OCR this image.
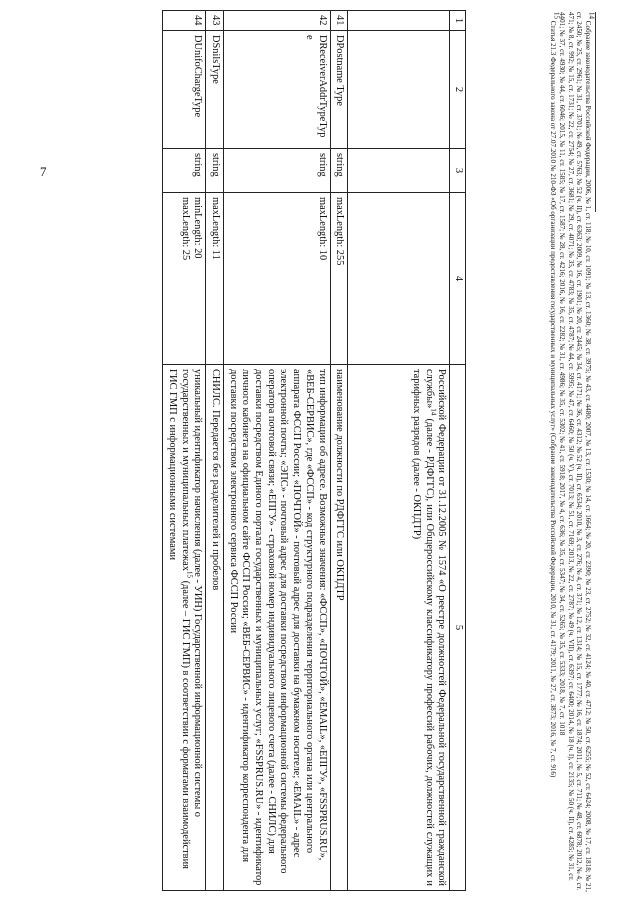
7
1	2	3	4	5
				Российской Федерации от 31.12.2005 № 1574 «О реестре должностей Федеральной государственной гражданской службы»$^{14}$ (далее - РДФГГС), или Общероссийскому классификатору профессий рабочих, должностей служащих и тарифных разрядов (далее - ОКПДТР)
41	DPostname Type	string	maxLength: 255	наименование должности по РДФГГС или ОКПДТР
42	DReceiverAddrTypeTyp e	string	maxLength: 10	тип информации об адресе. Возможные значения: «ФССП», «ПОЧТОЙ», «EMAIL», «ЕПГУ», «FSSPRUS.RU», «ВЕБ-СЕРВИС», где «ФССП» - код структурного подразделения территориального органа или центрального аппарата ФССП России; «ПОЧТОЙ» - почтовый адрес для доставки на бумажном носителе; «EMAIL» - адрес электронной почты; «ЭПС» - почтовый адрес для доставки посредством информационной системы федерального оператора почтовой связи; «ЕПГУ» - страховой номер индивидуального лицевого счета (далее - СНИЛС) для доставки посредством Единого портала государственных и муниципальных услуг; «FSSPRUS.RU» - идентификатор личного кабинета на официальном сайте ФССП России; «ВЕБ-СЕРВИС» - идентификатор корреспондента для доставки посредством электронного сервиса ФССП России
43	DSnilsType	string	maxLength: 11	СНИЛС. Передается без разделителей и пробелов
44	DUnifoChargeType	string	minLength: 20
maxLength: 25	уникальный идентификатор начисления (далее - УИН) Государственной информационной системы о государственных и муниципальных платежах$^{15}$ (далее – ГИС ГМП) в соответствии с форматами взаимодействия ГИС ГМП с информационными системами

$^{14}$ Собрание законодательства Российской Федерации, 2006, № 1, ст. 118; № 10, ст. 1091; № 13, ст. 1360; № 38, ст. 3975; № 43, ст. 4480; 2007, № 13, ст. 1530; № 14, ст. 1664; № 20, ст. 2390; № 23, ст. 2752; № 32, ст. 4124; № 40, ст. 4712; № 50, ст. 6255; № 52, ст. 6424; 2008, № 17, ст. 1818; № 21, ст. 2450; № 25, ст. 2961; № 31, ст. 3701; № 49, ст. 5763; № 52 (ч. II), ст. 6363; 2009, № 16, ст. 1901; № 20, ст. 2445; № 34, ст. 4171; № 36, ст. 4312; № 52 (ч. II), ст. 6534; 2010, № 3, ст. 276; № 4, ст. 371; № 12, ст. 1314; № 15, ст. 1777; № 16, ст. 1874; 2011, № 5, ст. 711; № 48, ст. 6878; 2012, № 4, ст. 471; № 8, ст. 992; № 15, ст. 1731; № 22, ст. 2754; № 27, ст. 3681; № 29, ст. 4071; № 35, ст. 4783; № 35, ст. 4787; № 44, ст. 5995; № 47, ст. 6460; № 50 (ч. V), ст. 7013; № 51, ст. 7169; 2013, № 22, ст. 2787; № 49 (ч. VII), ст. 6397; ст. 6400; 2014, № 18 (ч. I), ст. 2135; № 50 (ч. II), ст. 4285; № 31, ст. 4401; № 37, ст. 4930; № 44, ст. 6046; 2015, № 11, ст. 1585; № 17, ст. 1587; № 28, ст. 4216; 2016, № 16, ст. 2282; № 31, ст. 4986; № 35, ст. 5302; № 41, ст. 5918; 2017, № 4, ст. 636; № 35, ст. 5347; № 34, ст. 5265; № 35, ст. 5333; 2018, № 7, ст. 1018

$^{15}$ Статья 21.3 Федерального закона от 27.07.2010 № 210-ФЗ «Об организации предоставления государственных и муниципальных услуг» (Собрание законодательства Российской Федерации, 2010, № 31, ст. 4179; 2011, № 27, ст. 3873; 2016, № 7, ст. 916)
